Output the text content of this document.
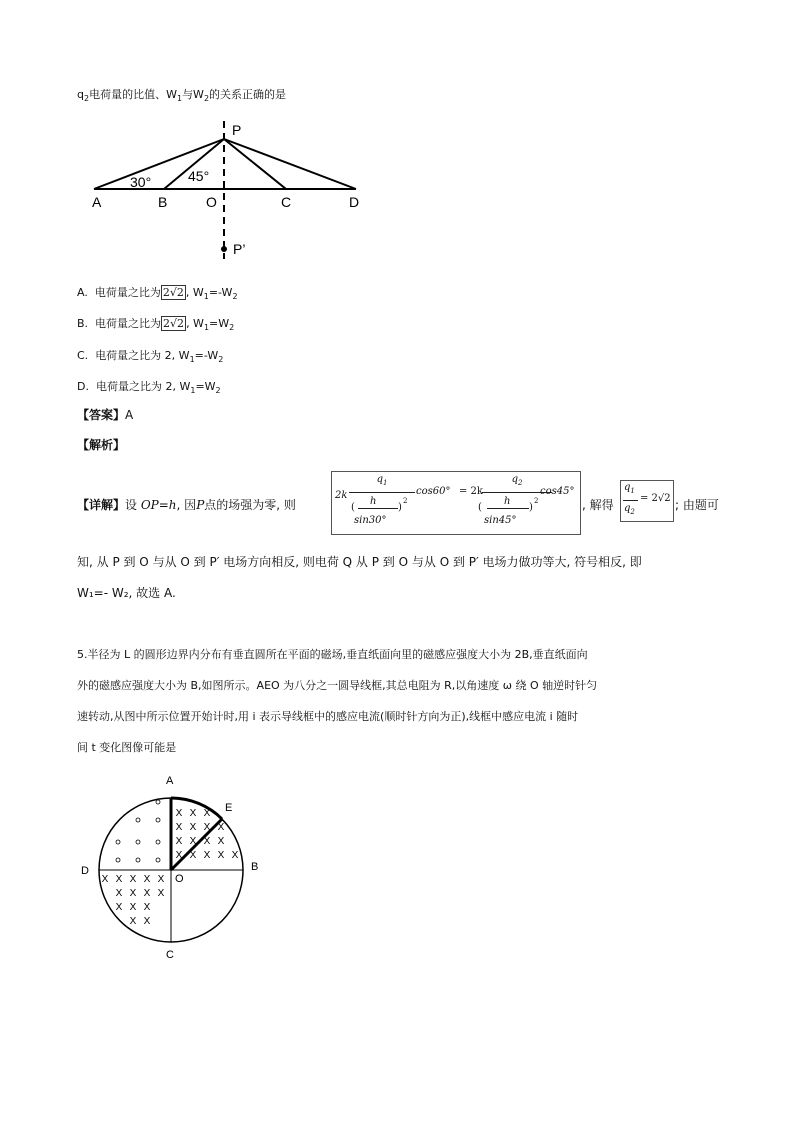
$q_2$电荷量的比值、$W_1$与$W_2$的关系正确的是
P
A	B	O	C	D
P’
30°	45°
A. 电荷量之比为 2√2 , $W_1=-W_2$
B. 电荷量之比为 2√2 , $W_1=W_2$
C. 电荷量之比为 2, $W_1=-W_2$
D. 电荷量之比为 2, $W_1=W_2$
【答案】A
【解析】
【详解】设 OP=h, 因P点的场强为零, 则
2k
$q_1$
h
(
sin30°
)
2
cos60° = 2k
$q_2$
h
(
sin45°
)
2
cos45°
, 解得
$q_1$
$q_2$
= 2√2 ; 由题可
知, 从 P 到 O 与从 O 到 P′ 电场方向相反, 则电荷 Q 从 P 到 O 与从 O 到 P′ 电场力做功等大, 符号相反, 即
W₁=- W₂, 故选 A.
5.半径为 L 的圆形边界内分布有垂直圆所在平面的磁场,垂直纸面向里的磁感应强度大小为 2B,垂直纸面向
外的磁感应强度大小为 B,如图所示。AEO 为八分之一圆导线框,其总电阻为 R,以角速度 ω 绕 O 轴逆时针匀
速转动,从图中所示位置开始计时,用 i 表示导线框中的感应电流(顺时针方向为正),线框中感应电流 i 随时
间 t 变化图像可能是
X X X
X X X X
X X X X
X X X X X
X X X X X
X X X X
X X X
X X
A
E
B
D
C
O
